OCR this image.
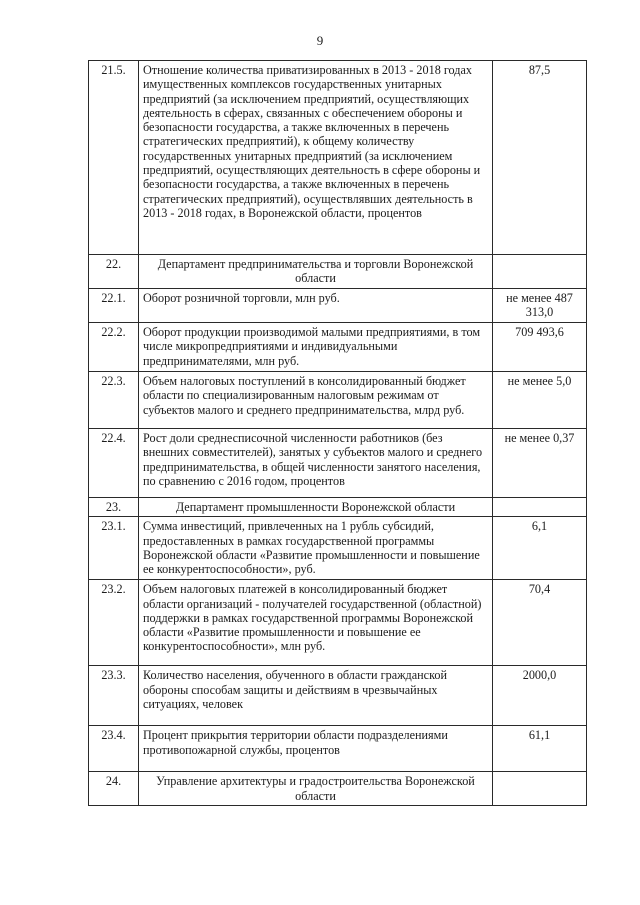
9
21.5.	Отношение количества приватизированных в 2013 - 2018 годах имущественных комплексов государственных унитарных предприятий (за исключением предприятий, осуществляющих деятельность в сферах, связанных с обеспечением обороны и безопасности государства, а также включенных в перечень стратегических предприятий), к общему количеству государственных унитарных предприятий (за исключением предприятий, осуществляющих деятельность в сфере обороны и безопасности государства, а также включенных в перечень стратегических предприятий), осуществлявших деятельность в 2013 - 2018 годах, в Воронежской области, процентов	87,5
22.	Департамент предпринимательства и торговли Воронежской области	
22.1.	Оборот розничной торговли, млн руб.	не менее 487 313,0
22.2.	Оборот продукции производимой малыми предприятиями, в том числе микропредприятиями и индивидуальными предпринимателями, млн руб.	709 493,6
22.3.	Объем налоговых поступлений в консолидированный бюджет области по специализированным налоговым режимам от субъектов малого и среднего предпринимательства, млрд руб.	не менее 5,0
22.4.	Рост доли среднесписочной численности работников (без внешних совместителей), занятых у субъектов малого и среднего предпринимательства, в общей численности занятого населения, по сравнению с 2016 годом, процентов	не менее 0,37
23.	Департамент промышленности Воронежской области	
23.1.	Сумма инвестиций, привлеченных на 1 рубль субсидий, предоставленных в рамках государственной программы Воронежской области «Развитие промышленности и повышение ее конкурентоспособности», руб.	6,1
23.2.	Объем налоговых платежей в консолидированный бюджет области организаций - получателей государственной (областной) поддержки в рамках государственной программы Воронежской области «Развитие промышленности и повышение ее конкурентоспособности», млн руб.	70,4
23.3.	Количество населения, обученного в области гражданской обороны способам защиты и действиям в чрезвычайных ситуациях, человек	2000,0
23.4.	Процент прикрытия территории области подразделениями противопожарной службы, процентов	61,1
24.	Управление архитектуры и градостроительства Воронежской области	
